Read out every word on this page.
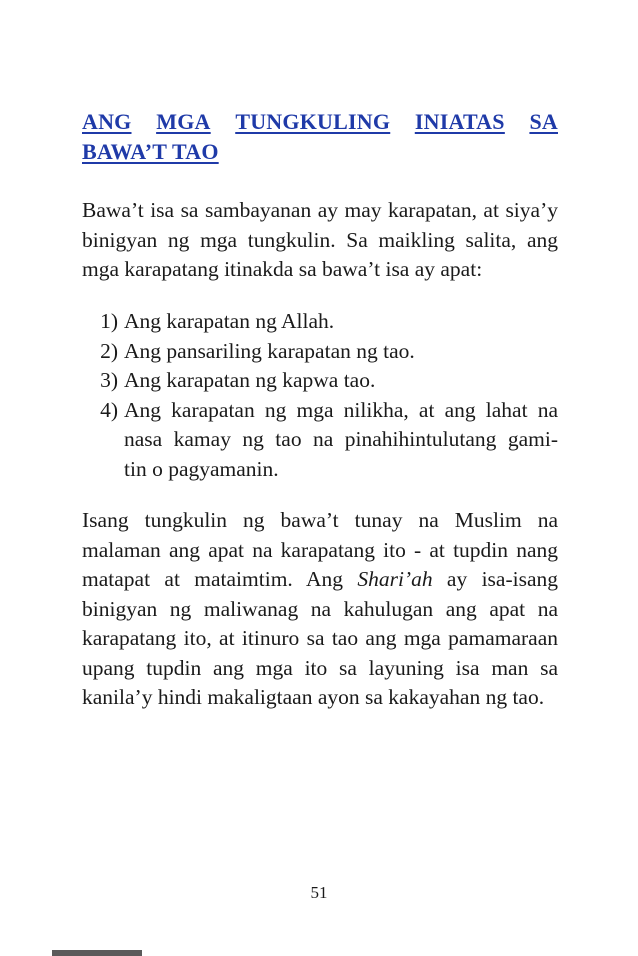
ANG MGA TUNGKULING INIATAS SA
BAWA’T TAO
Bawa’t isa sa sambayanan ay may karapatan, at siya’y
binigyan ng mga tungkulin. Sa maikling salita, ang
mga karapatang itinakda sa bawa’t isa ay apat:
1) Ang karapatan ng Allah.
2) Ang pansariling karapatan ng tao.
3) Ang karapatan ng kapwa tao.
4) Ang karapatan ng mga nilikha, at ang lahat na
nasa kamay ng tao na pinahihintulutang gami-
tin o pagyamanin.
Isang tungkulin ng bawa’t tunay na Muslim na
malaman ang apat na karapatang ito - at tupdin nang
matapat at mataimtim. Ang Shari’ah ay isa-isang
binigyan ng maliwanag na kahulugan ang apat na
karapatang ito, at itinuro sa tao ang mga pamamaraan
upang tupdin ang mga ito sa layuning isa man sa
kanila’y hindi makaligtaan ayon sa kakayahan ng tao.
51
